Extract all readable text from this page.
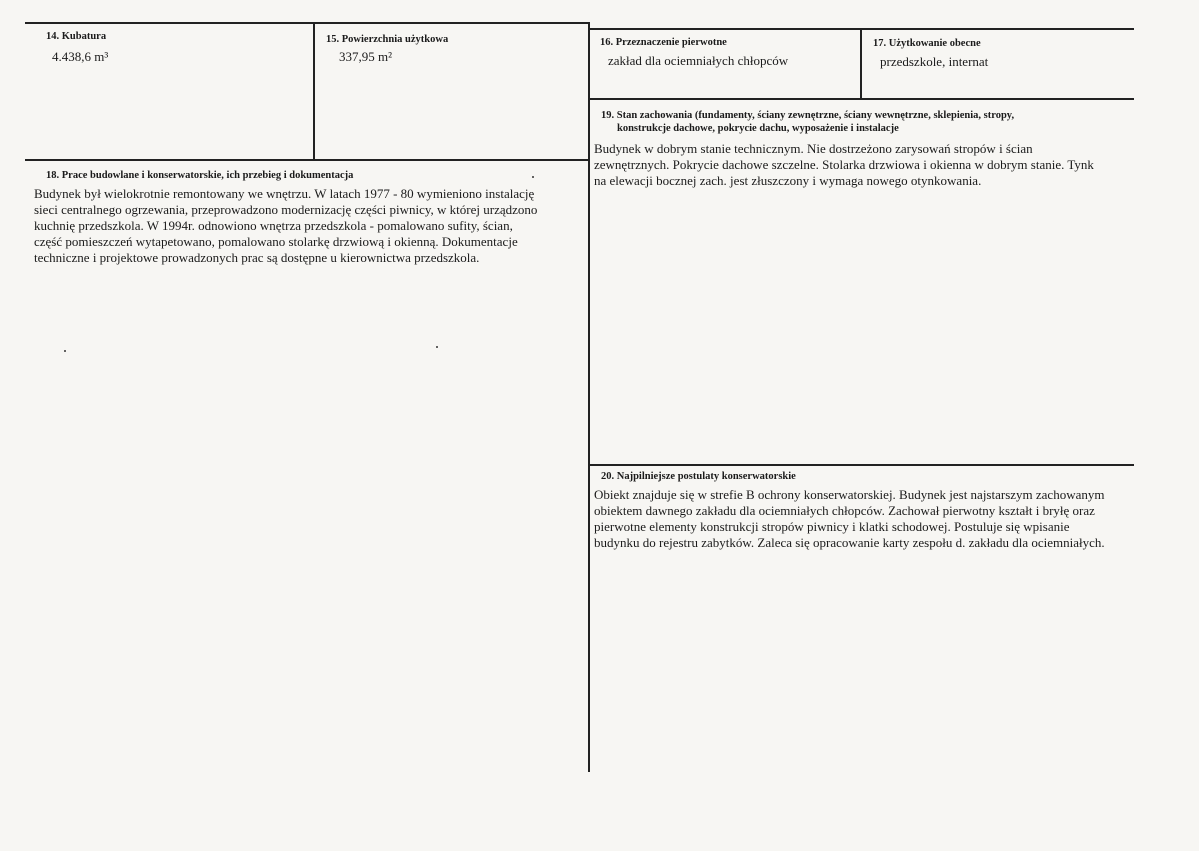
14. Kubatura
4.438,6 m³
15. Powierzchnia użytkowa
337,95 m²
16. Przeznaczenie pierwotne
zakład dla ociemniałych chłopców
17. Użytkowanie obecne
przedszkole, internat
18. Prace budowlane i konserwatorskie, ich przebieg i dokumentacja
Budynek był wielokrotnie remontowany we wnętrzu. W latach 1977 - 80 wymieniono instalację
sieci centralnego ogrzewania, przeprowadzono modernizację części piwnicy, w której urządzono
kuchnię przedszkola. W 1994r. odnowiono wnętrza przedszkola - pomalowano sufity, ścian,
część pomieszczeń wytapetowano, pomalowano stolarkę drzwiową i okienną. Dokumentacje
techniczne i projektowe prowadzonych prac są dostępne u kierownictwa przedszkola.
19. Stan zachowania (fundamenty, ściany zewnętrzne, ściany wewnętrzne, sklepienia, stropy,
konstrukcje dachowe, pokrycie dachu, wyposażenie i instalacje
Budynek w dobrym stanie technicznym. Nie dostrzeżono zarysowań stropów i ścian
zewnętrznych. Pokrycie dachowe szczelne. Stolarka drzwiowa i okienna w dobrym stanie. Tynk
na elewacji bocznej zach. jest złuszczony i wymaga nowego otynkowania.
20. Najpilniejsze postulaty konserwatorskie
Obiekt znajduje się w strefie B ochrony konserwatorskiej. Budynek jest najstarszym zachowanym
obiektem dawnego zakładu dla ociemniałych chłopców. Zachował pierwotny kształt i bryłę oraz
pierwotne elementy konstrukcji stropów piwnicy i klatki schodowej. Postuluje się wpisanie
budynku do rejestru zabytków. Zaleca się opracowanie karty zespołu d. zakładu dla ociemniałych.
